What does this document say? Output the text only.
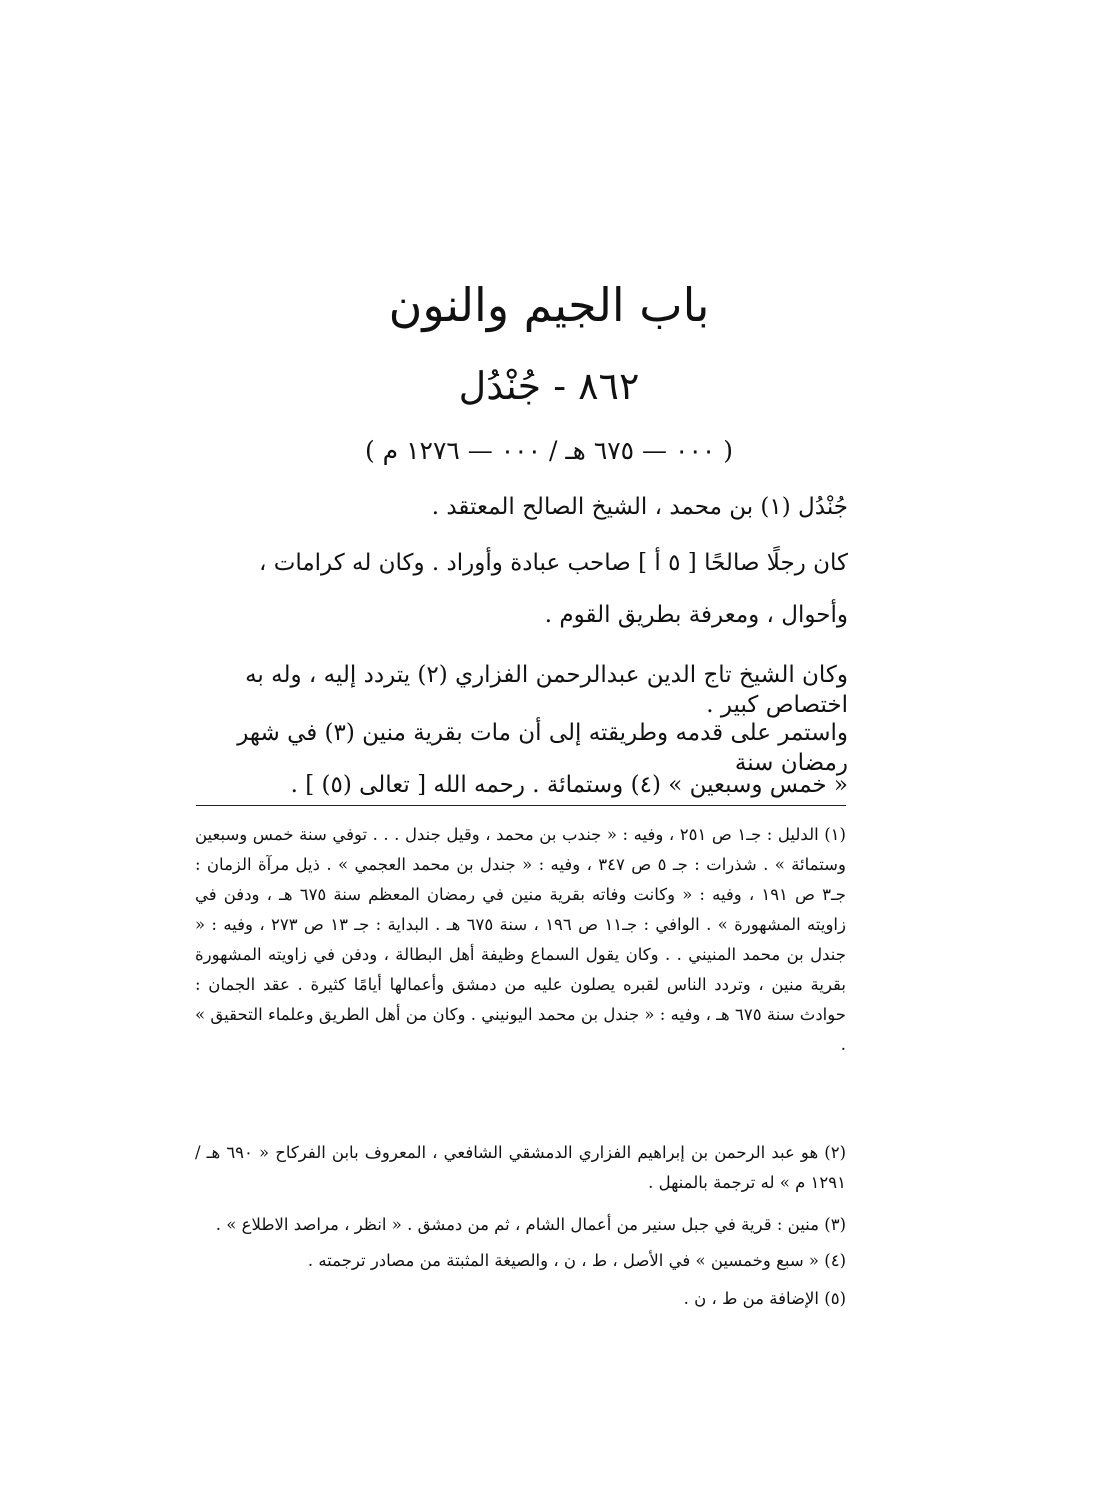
باب الجيم والنون
٨٦٢ - جُنْدُل
( ٠٠٠ — ٦٧٥ هـ / ٠٠٠ — ١٢٧٦ م )
جُنْدُل (١) بن محمد ، الشيخ الصالح المعتقد .
كان رجلًا صالحًا [ ٥ أ ] صاحب عبادة وأوراد . وكان له كرامات ،
وأحوال ، ومعرفة بطريق القوم .
وكان الشيخ تاج الدين عبدالرحمن الفزاري (٢) يتردد إليه ، وله به اختصاص كبير .
واستمر على قدمه وطريقته إلى أن مات بقرية منين (٣) في شهر رمضان سنة
« خمس وسبعين » (٤) وستمائة . رحمه الله [ تعالى (٥) ] .
(١) الدليل : جـ١ ص ٢٥١ ، وفيه : « جندب بن محمد ، وقيل جندل . . . توفي سنة خمس وسبعين وستمائة » . شذرات : جـ ٥ ص ٣٤٧ ، وفيه : « جندل بن محمد العجمي » . ذيل مرآة الزمان : جـ٣ ص ١٩١ ، وفيه : « وكانت وفاته بقرية منين في رمضان المعظم سنة ٦٧٥ هـ ، ودفن في زاويته المشهورة » . الوافي : جـ١١ ص ١٩٦ ، سنة ٦٧٥ هـ . البداية : جـ ١٣ ص ٢٧٣ ، وفيه : « جندل بن محمد المنيني . . وكان يقول السماع وظيفة أهل البطالة ، ودفن في زاويته المشهورة بقرية منين ، وتردد الناس لقبره يصلون عليه من دمشق وأعمالها أيامًا كثيرة . عقد الجمان : حوادث سنة ٦٧٥ هـ ، وفيه : « جندل بن محمد اليونيني . وكان من أهل الطريق وعلماء التحقيق » .
(٢) هو عبد الرحمن بن إبراهيم الفزاري الدمشقي الشافعي ، المعروف بابن الفركاح « ٦٩٠ هـ / ١٢٩١ م » له ترجمة بالمنهل .
(٣) منين : قرية في جبل سنير من أعمال الشام ، ثم من دمشق . « انظر ، مراصد الاطلاع » .
(٤) « سبع وخمسين » في الأصل ، ط ، ن ، والصيغة المثبتة من مصادر ترجمته .
(٥) الإضافة من ط ، ن .
